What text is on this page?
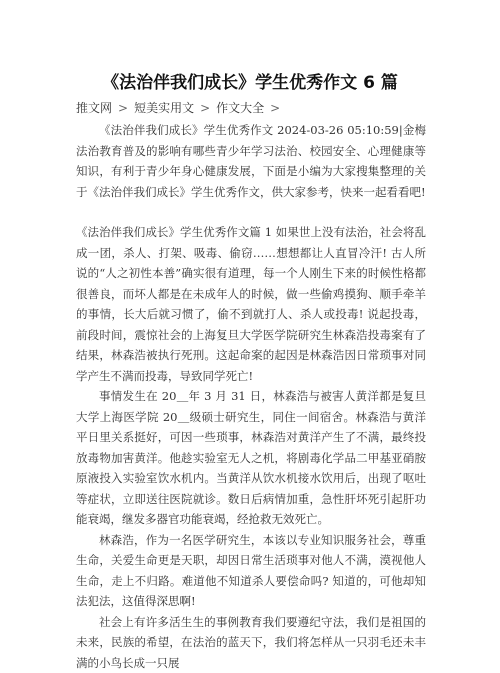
《法治伴我们成长》学生优秀作文 6 篇
推文网 > 短美实用文 > 作文大全 >

《法治伴我们成长》学生优秀作文 2024-03-26 05:10:59|金梅 法治教育普及的影响有哪些青少年学习法治、校园安全、心理健康等知识，有利于青少年身心健康发展，下面是小编为大家搜集整理的关于《法治伴我们成长》学生优秀作文，供大家参考，快来一起看看吧!

《法治伴我们成长》学生优秀作文篇 1 如果世上没有法治，社会将乱成一团，杀人、打架、吸毒、偷窃……想想都让人直冒冷汗! 古人所说的“人之初性本善”确实很有道理，每一个人刚生下来的时候性格都很善良，而坏人都是在未成年人的时候，做一些偷鸡摸狗、顺手牵羊的事情，长大后就习惯了，偷不到就打人、杀人或投毒! 说起投毒，前段时间，震惊社会的上海复旦大学医学院研究生林森浩投毒案有了结果，林森浩被执行死刑。这起命案的起因是林森浩因日常琐事对同学产生不满而投毒，导致同学死亡!

事情发生在 20＿年 3 月 31 日，林森浩与被害人黄洋都是复旦大学上海医学院 20＿级硕士研究生，同住一间宿舍。林森浩与黄洋平日里关系挺好，可因一些琐事，林森浩对黄洋产生了不满，最终投放毒物加害黄洋。他趁实验室无人之机，将剧毒化学品二甲基亚硝胺原液投入实验室饮水机内。当黄洋从饮水机接水饮用后，出现了呕吐等症状，立即送往医院就诊。数日后病情加重，急性肝坏死引起肝功能衰竭，继发多器官功能衰竭，经抢救无效死亡。

林森浩，作为一名医学研究生，本该以专业知识服务社会，尊重生命，关爱生命更是天职，却因日常生活琐事对他人不满，漠视他人生命，走上不归路。难道他不知道杀人要偿命吗? 知道的，可他却知法犯法，这值得深思啊!

社会上有许多活生生的事例教育我们要遵纪守法，我们是祖国的未来，民族的希望，在法治的蓝天下，我们将怎样从一只羽毛还未丰满的小鸟长成一只展
